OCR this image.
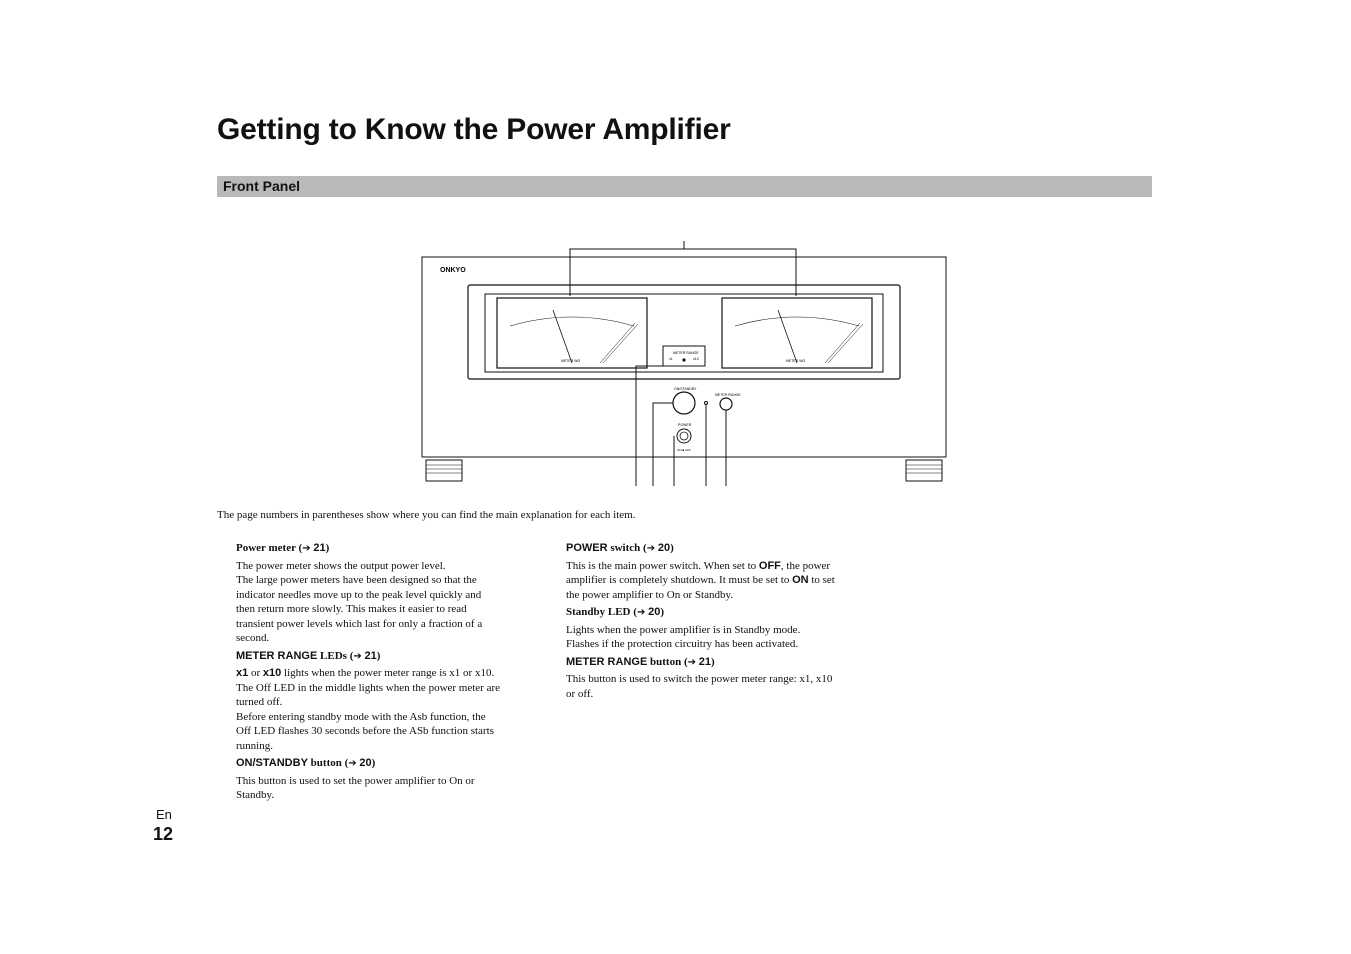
Getting to Know the Power Amplifier
Front Panel
ONKYO
ON/STANDBY
POWER
ON ■ OFF
METER RANGE
METER RANGE
x1	x10
METER WΩ	METER WΩ
The page numbers in parentheses show where you can find the main explanation for each item.

Power meter (➔ 21)

The power meter shows the output power level.

The large power meters have been designed so that the indicator needles move up to the peak level quickly and then return more slowly. This makes it easier to read transient power levels which last for only a fraction of a second.

METER RANGE LEDs (➔ 21)

x1 or x10 lights when the power meter range is x1 or x10. The Off LED in the middle lights when the power meter are turned off.

Before entering standby mode with the Asb function, the Off LED flashes 30 seconds before the ASb function starts running.

ON/STANDBY button (➔ 20)

This button is used to set the power amplifier to On or Standby.

POWER switch (➔ 20)

This is the main power switch. When set to OFF, the power amplifier is completely shutdown. It must be set to ON to set the power amplifier to On or Standby.

Standby LED (➔ 20)

Lights when the power amplifier is in Standby mode. Flashes if the protection circuitry has been activated.

METER RANGE button (➔ 21)

This button is used to switch the power meter range: x1, x10 or off.

En
12
